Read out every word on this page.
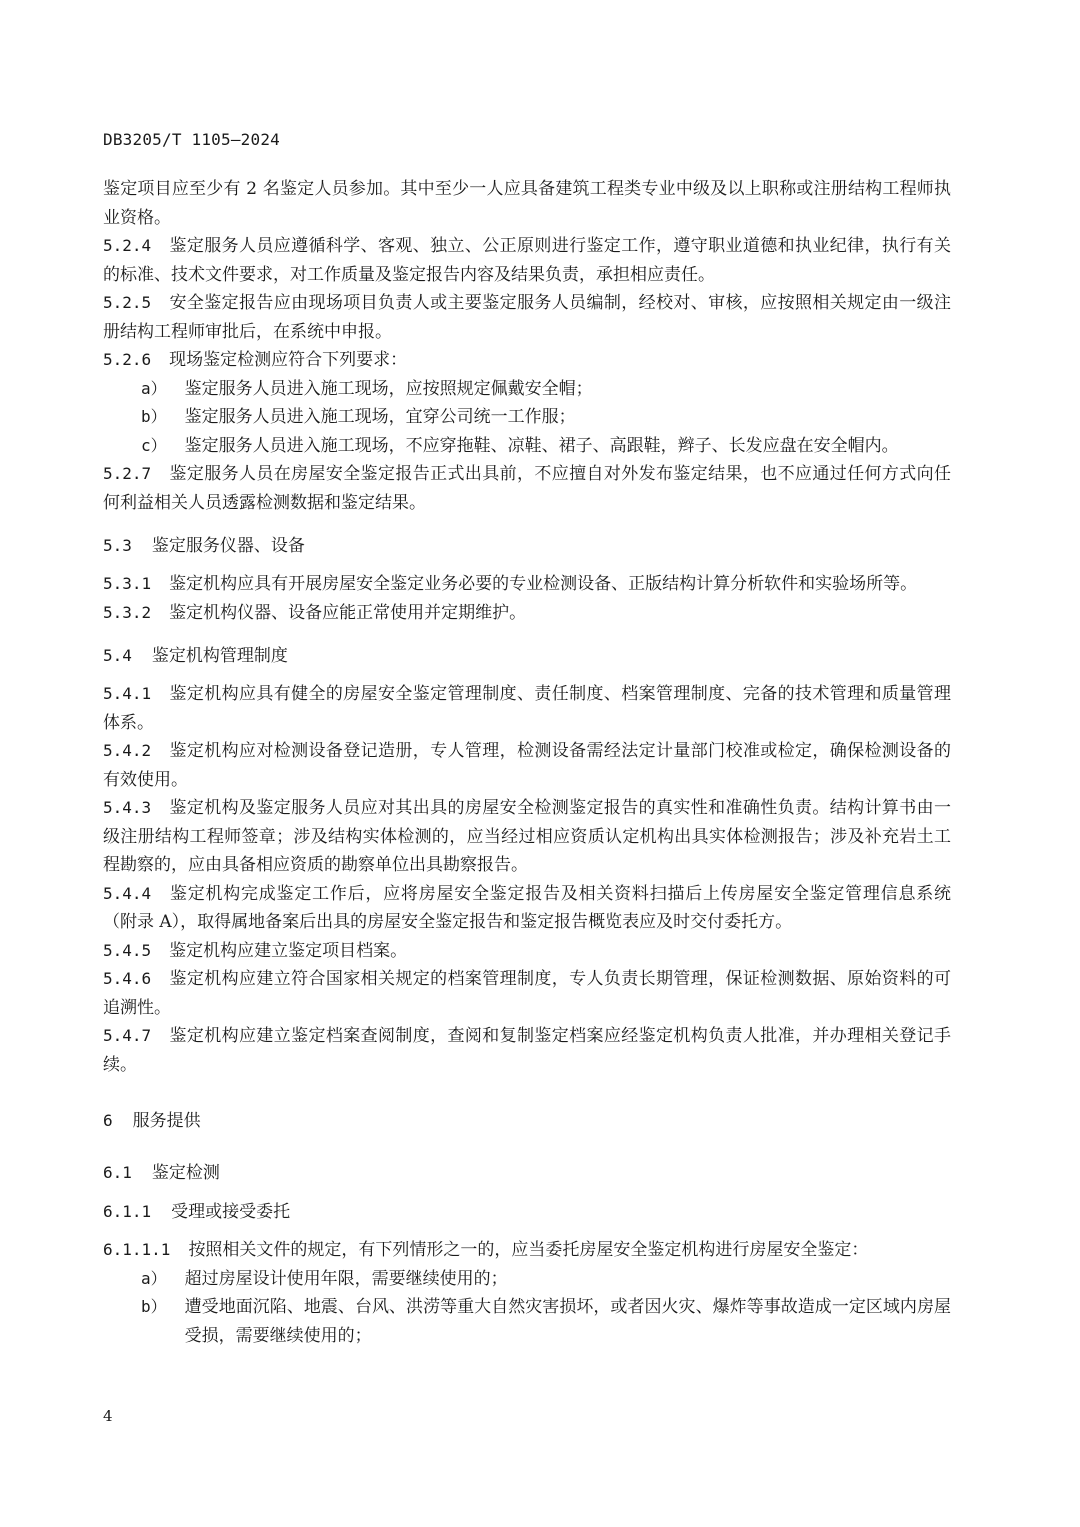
DB3205/T 1105—2024

鉴定项目应至少有 2 名鉴定人员参加。其中至少一人应具备建筑工程类专业中级及以上职称或注册结构工程师执业资格。

5.2.4 鉴定服务人员应遵循科学、客观、独立、公正原则进行鉴定工作，遵守职业道德和执业纪律，执行有关的标准、技术文件要求，对工作质量及鉴定报告内容及结果负责，承担相应责任。

5.2.5 安全鉴定报告应由现场项目负责人或主要鉴定服务人员编制，经校对、审核，应按照相关规定由一级注册结构工程师审批后，在系统中申报。

5.2.6 现场鉴定检测应符合下列要求：

a） 鉴定服务人员进入施工现场，应按照规定佩戴安全帽；

b） 鉴定服务人员进入施工现场，宜穿公司统一工作服；

c） 鉴定服务人员进入施工现场，不应穿拖鞋、凉鞋、裙子、高跟鞋，辫子、长发应盘在安全帽内。

5.2.7 鉴定服务人员在房屋安全鉴定报告正式出具前，不应擅自对外发布鉴定结果，也不应通过任何方式向任何利益相关人员透露检测数据和鉴定结果。

5.3 鉴定服务仪器、设备

5.3.1 鉴定机构应具有开展房屋安全鉴定业务必要的专业检测设备、正版结构计算分析软件和实验场所等。

5.3.2 鉴定机构仪器、设备应能正常使用并定期维护。

5.4 鉴定机构管理制度

5.4.1 鉴定机构应具有健全的房屋安全鉴定管理制度、责任制度、档案管理制度、完备的技术管理和质量管理体系。

5.4.2 鉴定机构应对检测设备登记造册，专人管理，检测设备需经法定计量部门校准或检定，确保检测设备的有效使用。

5.4.3 鉴定机构及鉴定服务人员应对其出具的房屋安全检测鉴定报告的真实性和准确性负责。结构计算书由一级注册结构工程师签章；涉及结构实体检测的，应当经过相应资质认定机构出具实体检测报告；涉及补充岩土工程勘察的，应由具备相应资质的勘察单位出具勘察报告。

5.4.4 鉴定机构完成鉴定工作后，应将房屋安全鉴定报告及相关资料扫描后上传房屋安全鉴定管理信息系统（附录 A），取得属地备案后出具的房屋安全鉴定报告和鉴定报告概览表应及时交付委托方。

5.4.5 鉴定机构应建立鉴定项目档案。

5.4.6 鉴定机构应建立符合国家相关规定的档案管理制度，专人负责长期管理，保证检测数据、原始资料的可追溯性。

5.4.7 鉴定机构应建立鉴定档案查阅制度，查阅和复制鉴定档案应经鉴定机构负责人批准，并办理相关登记手续。

6 服务提供

6.1 鉴定检测

6.1.1 受理或接受委托

6.1.1.1 按照相关文件的规定，有下列情形之一的，应当委托房屋安全鉴定机构进行房屋安全鉴定：

a） 超过房屋设计使用年限，需要继续使用的；

b） 遭受地面沉陷、地震、台风、洪涝等重大自然灾害损坏，或者因火灾、爆炸等事故造成一定区域内房屋受损，需要继续使用的；

4
